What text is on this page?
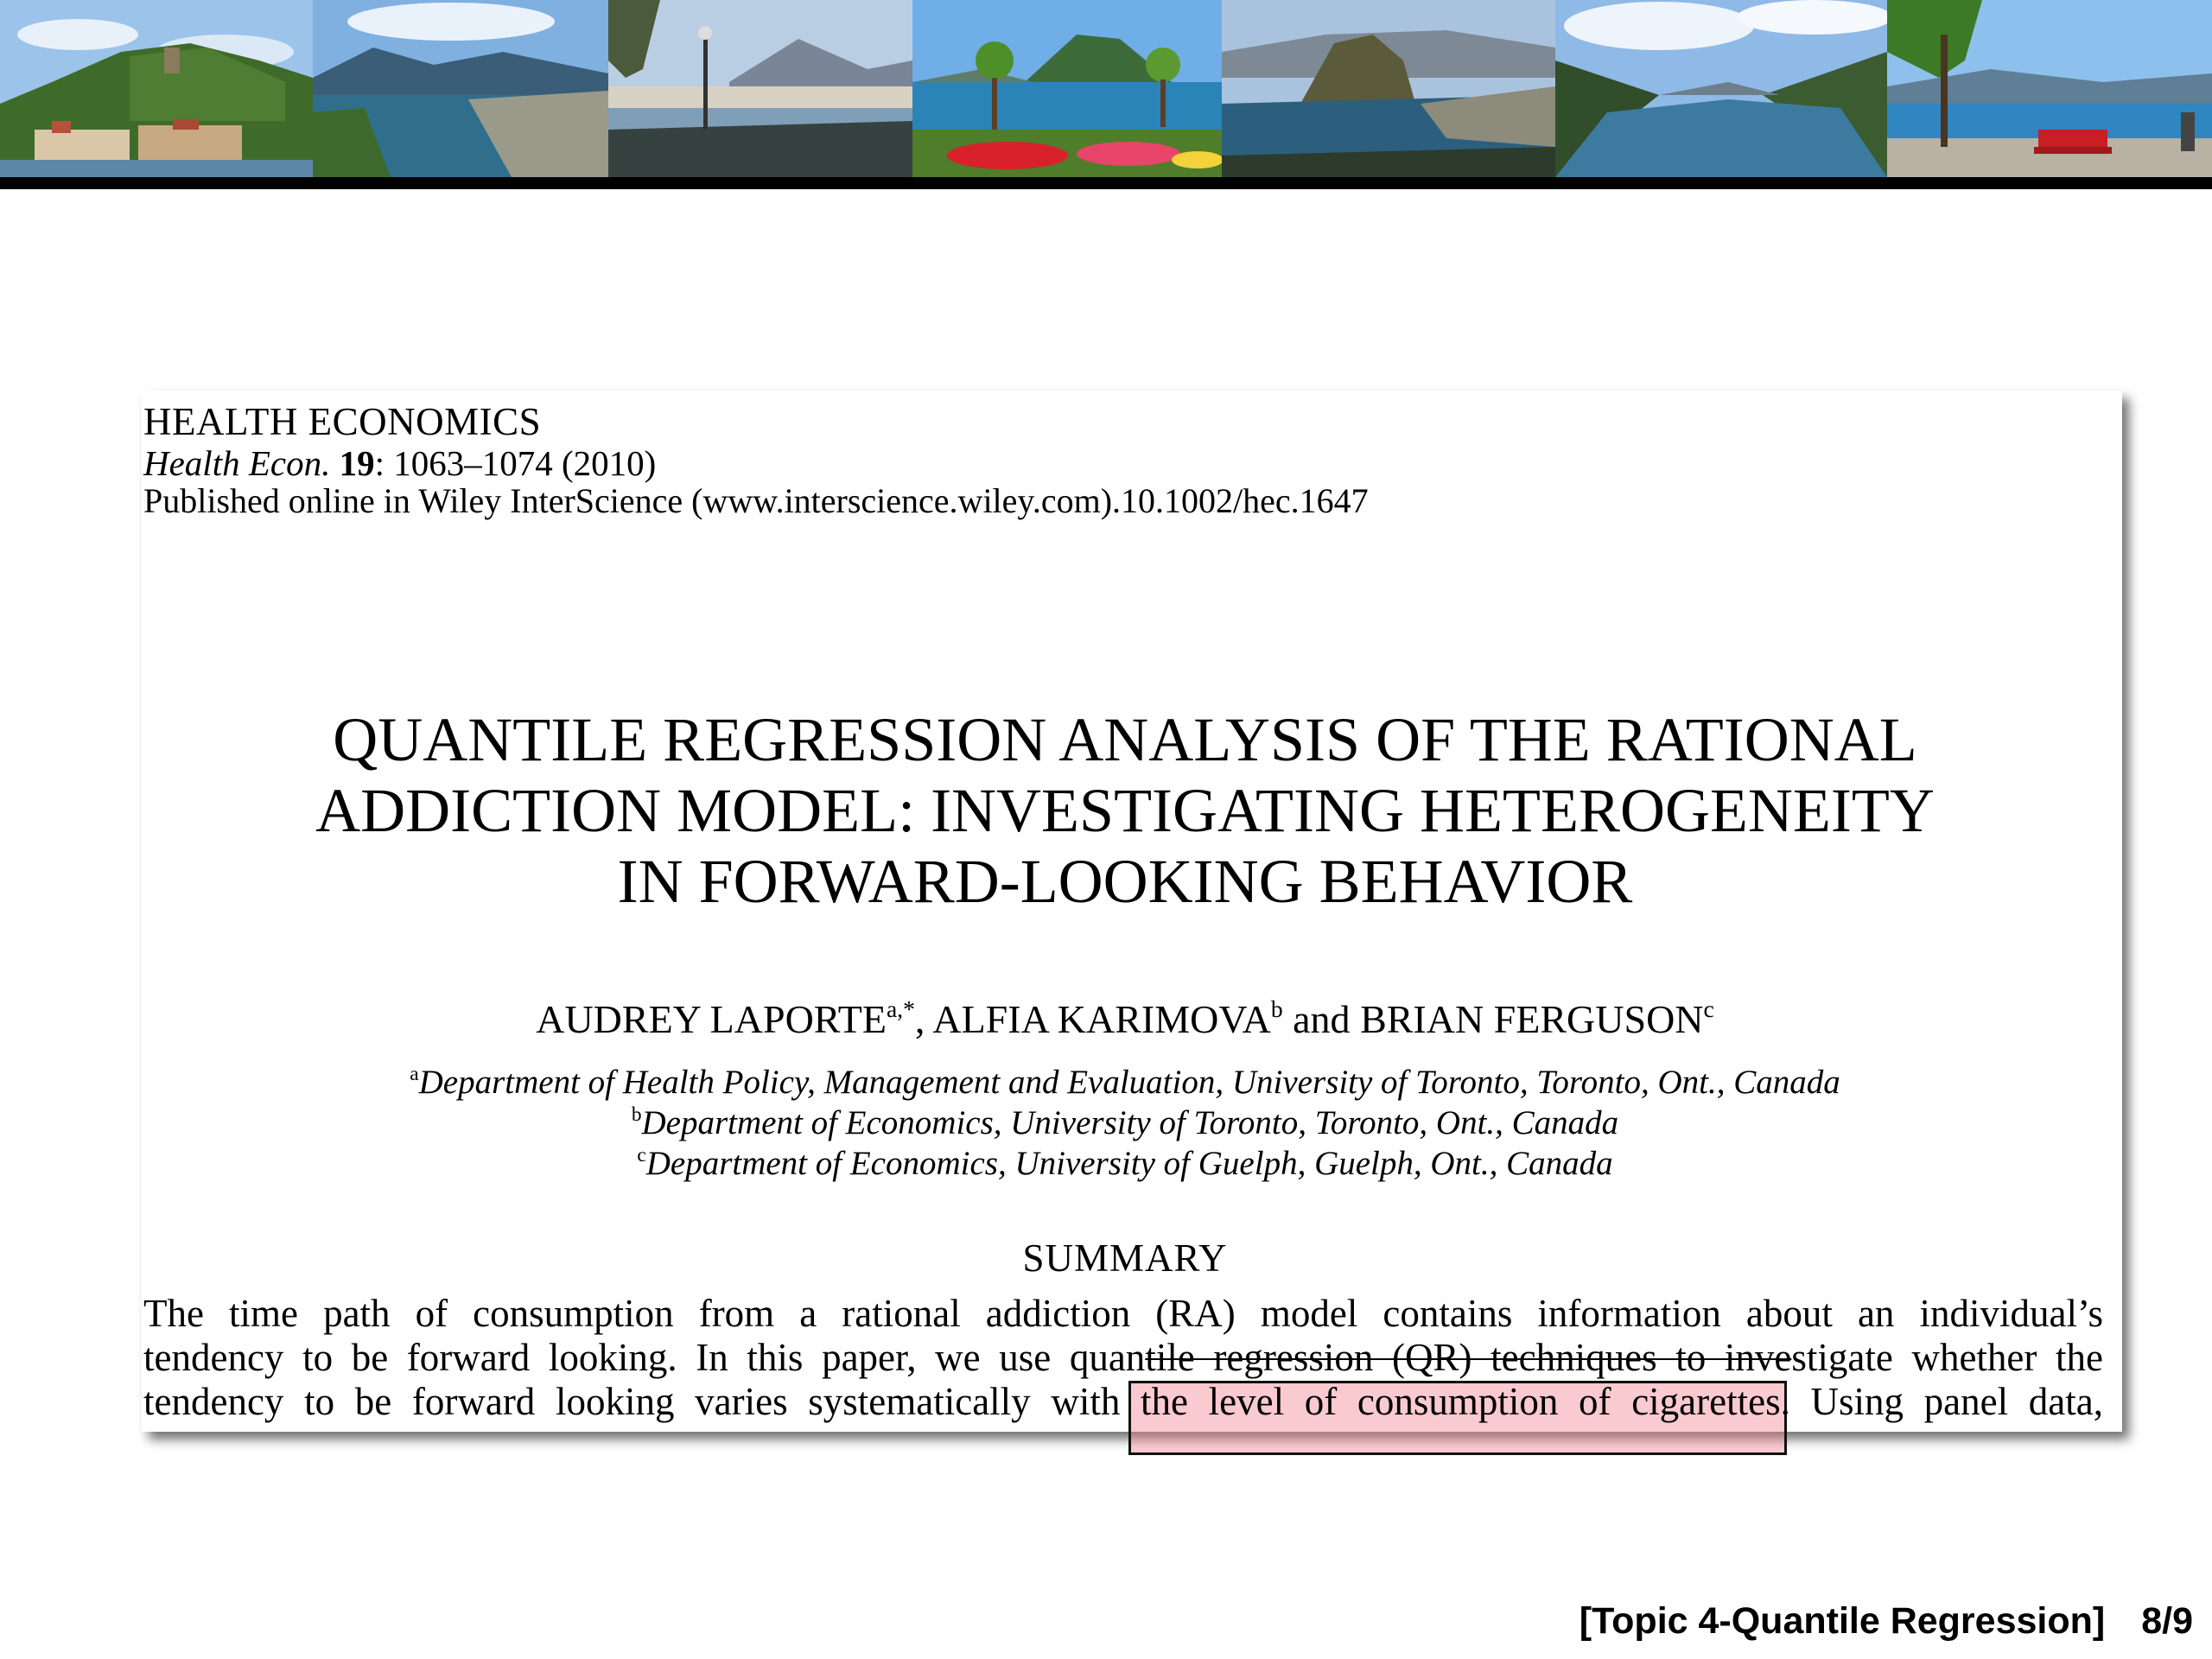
HEALTH ECONOMICS
Health Econ. 19: 1063–1074 (2010)
Published online in Wiley InterScience (www.interscience.wiley.com).10.1002/hec.1647
QUANTILE REGRESSION ANALYSIS OF THE RATIONAL
ADDICTION MODEL: INVESTIGATING HETEROGENEITY
IN FORWARD-LOOKING BEHAVIOR
AUDREY $LAPORTE^{a,*}$, ALFIA KARIMOVA$^b$ and BRIAN FERGUSON$^c$
$^a$Department of Health Policy, Management and Evaluation, University of Toronto, Toronto, Ont., Canada
$^b$Department of Economics, University of Toronto, Toronto, Ont., Canada
$^c$Department of Economics, University of Guelph, Guelph, Ont., Canada
SUMMARY
The time path of consumption from a rational addiction (RA) model contains information about an individual’s
tendency to be forward looking. In this paper, we use quantile regression (QR) techniques to investigate whether the
tendency to be forward looking varies systematically with the level of consumption of cigarettes. Using panel data,
[Topic 4-Quantile Regression] 8/9
